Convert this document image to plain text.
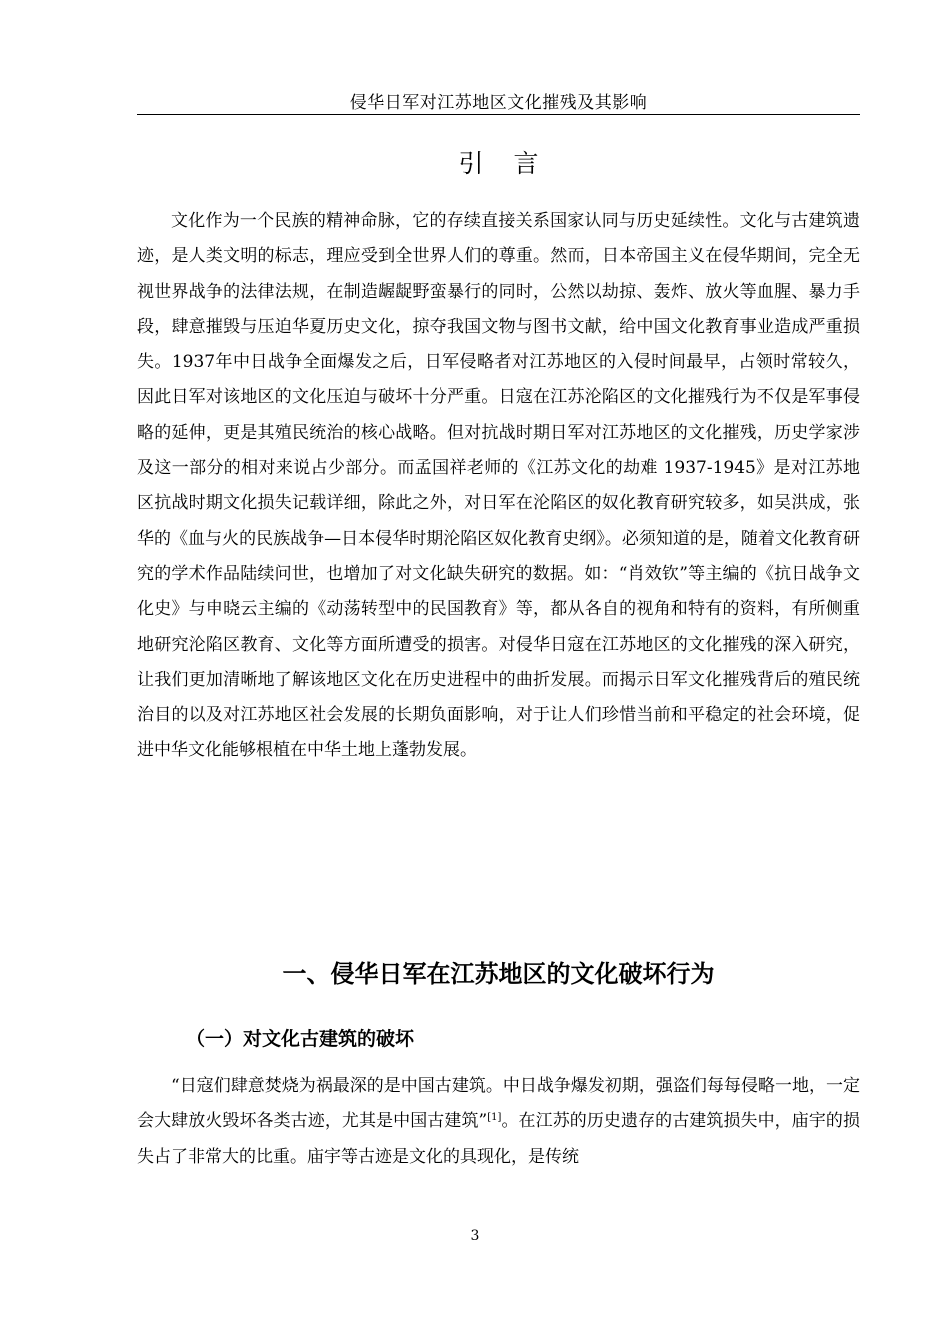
侵华日军对江苏地区文化摧残及其影响
引言

文化作为一个民族的精神命脉，它的存续直接关系国家认同与历史延续性。文化与古建筑遗迹，是人类文明的标志，理应受到全世界人们的尊重。然而，日本帝国主义在侵华期间，完全无视世界战争的法律法规，在制造龌龊野蛮暴行的同时，公然以劫掠、轰炸、放火等血腥、暴力手段，肆意摧毁与压迫华夏历史文化，掠夺我国文物与图书文献，给中国文化教育事业造成严重损失。1937年中日战争全面爆发之后，日军侵略者对江苏地区的入侵时间最早，占领时常较久，因此日军对该地区的文化压迫与破坏十分严重。日寇在江苏沦陷区的文化摧残行为不仅是军事侵略的延伸，更是其殖民统治的核心战略。但对抗战时期日军对江苏地区的文化摧残，历史学家涉及这一部分的相对来说占少部分。而孟国祥老师的《江苏文化的劫难 1937-1945》是对江苏地区抗战时期文化损失记载详细，除此之外，对日军在沦陷区的奴化教育研究较多，如吴洪成，张华的《血与火的民族战争—日本侵华时期沦陷区奴化教育史纲》。必须知道的是，随着文化教育研究的学术作品陆续问世，也增加了对文化缺失研究的数据。如：“肖效钦”等主编的《抗日战争文化史》与申晓云主编的《动荡转型中的民国教育》等，都从各自的视角和特有的资料，有所侧重地研究沦陷区教育、文化等方面所遭受的损害。对侵华日寇在江苏地区的文化摧残的深入研究，让我们更加清晰地了解该地区文化在历史进程中的曲折发展。而揭示日军文化摧残背后的殖民统治目的以及对江苏地区社会发展的长期负面影响，对于让人们珍惜当前和平稳定的社会环境，促进中华文化能够根植在中华土地上蓬勃发展。

一、侵华日军在江苏地区的文化破坏行为
（一）对文化古建筑的破坏

“日寇们肆意焚烧为祸最深的是中国古建筑。中日战争爆发初期，强盗们每每侵略一地，一定会大肆放火毁坏各类古迹，尤其是中国古建筑”[1]。在江苏的历史遗存的古建筑损失中，庙宇的损失占了非常大的比重。庙宇等古迹是文化的具现化，是传统

3
